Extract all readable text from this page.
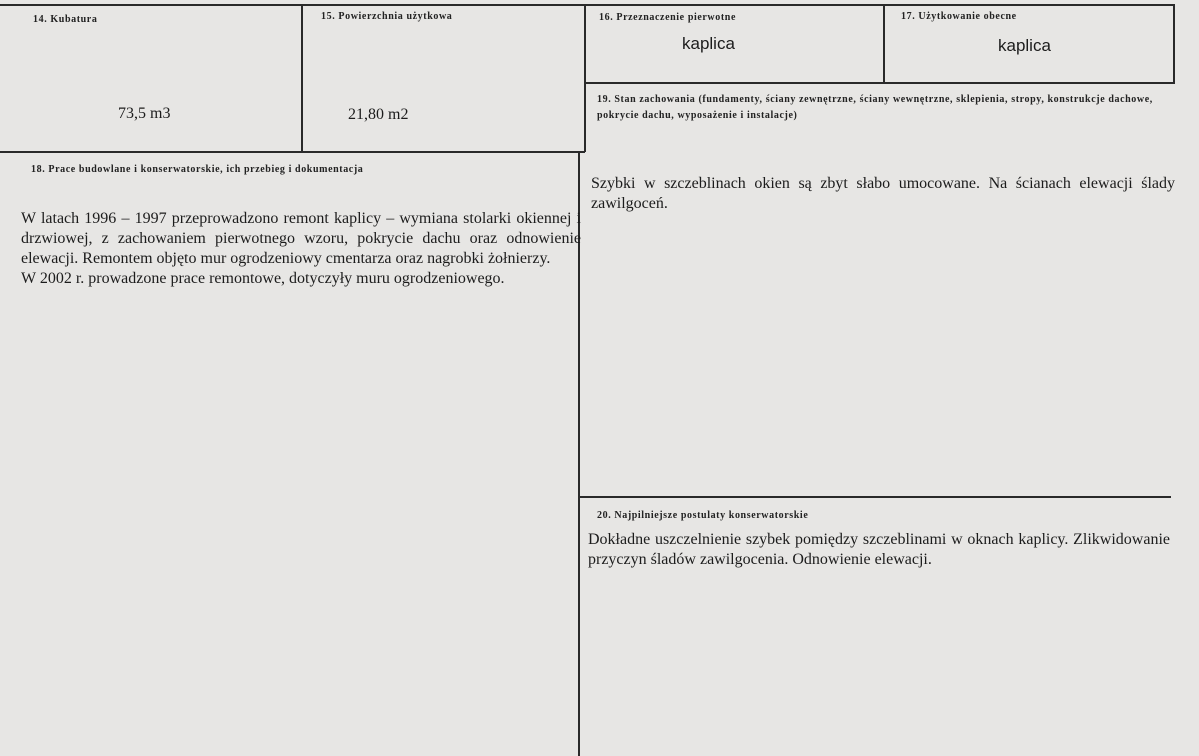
14. Kubatura
73,5 m3
15. Powierzchnia użytkowa
21,80 m2
16. Przeznaczenie pierwotne
kaplica
17. Użytkowanie obecne
kaplica
18. Prace budowlane i konserwatorskie, ich przebieg i dokumentacja

W latach 1996 – 1997 przeprowadzono remont kaplicy – wymiana stolarki okiennej i drzwiowej, z zachowaniem pierwotnego wzoru, pokrycie dachu oraz odnowienie elewacji. Remontem objęto mur ogrodzeniowy cmentarza oraz nagrobki żołnierzy.

W 2002 r. prowadzone prace remontowe, dotyczyły muru ogrodzeniowego.

19. Stan zachowania (fundamenty, ściany zewnętrzne, ściany wewnętrzne, sklepienia, stropy, konstrukcje dachowe, pokrycie dachu, wyposażenie i instalacje)
Szybki w szczeblinach okien są zbyt słabo umocowane. Na ścianach elewacji ślady zawilgoceń.
20. Najpilniejsze postulaty konserwatorskie
Dokładne uszczelnienie szybek pomiędzy szczeblinami w oknach kaplicy. Zlikwidowanie przyczyn śladów zawilgocenia. Odnowienie elewacji.
